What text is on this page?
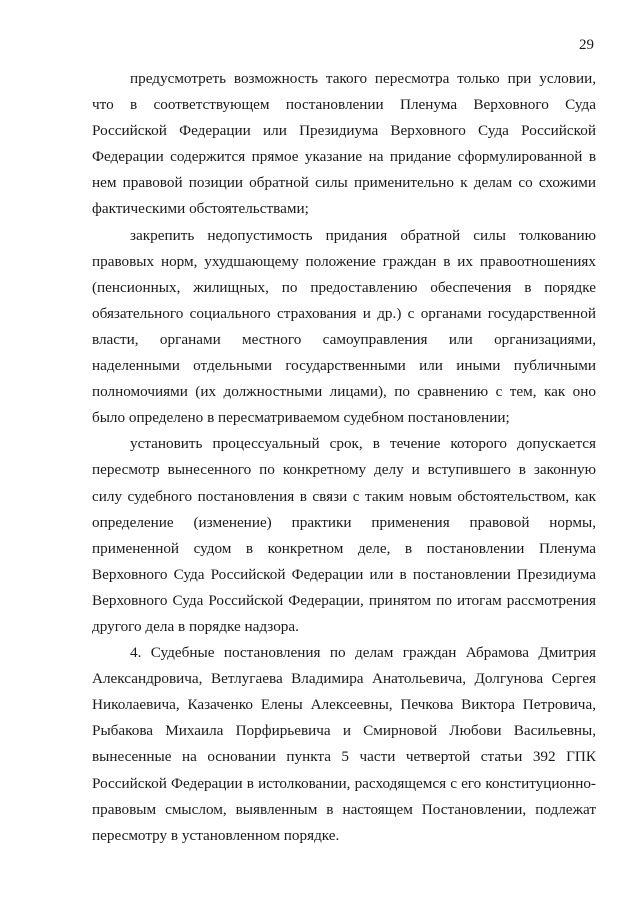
29

предусмотреть возможность такого пересмотра только при условии, что в соответствующем постановлении Пленума Верховного Суда Российской Федерации или Президиума Верховного Суда Российской Федерации содержится прямое указание на придание сформулированной в нем правовой позиции обратной силы применительно к делам со схожими фактическими обстоятельствами;

закрепить недопустимость придания обратной силы толкованию правовых норм, ухудшающему положение граждан в их правоотношениях (пенсионных, жилищных, по предоставлению обеспечения в порядке обязательного социального страхования и др.) с органами государственной власти, органами местного самоуправления или организациями, наделенными отдельными государственными или иными публичными полномочиями (их должностными лицами), по сравнению с тем, как оно было определено в пересматриваемом судебном постановлении;

установить процессуальный срок, в течение которого допускается пересмотр вынесенного по конкретному делу и вступившего в законную силу судебного постановления в связи с таким новым обстоятельством, как определение (изменение) практики применения правовой нормы, примененной судом в конкретном деле, в постановлении Пленума Верховного Суда Российской Федерации или в постановлении Президиума Верховного Суда Российской Федерации, принятом по итогам рассмотрения другого дела в порядке надзора.

4. Судебные постановления по делам граждан Абрамова Дмитрия Александровича, Ветлугаева Владимира Анатольевича, Долгунова Сергея Николаевича, Казаченко Елены Алексеевны, Печкова Виктора Петровича, Рыбакова Михаила Порфирьевича и Смирновой Любови Васильевны, вынесенные на основании пункта 5 части четвертой статьи 392 ГПК Российской Федерации в истолковании, расходящемся с его конституционно-правовым смыслом, выявленным в настоящем Постановлении, подлежат пересмотру в установленном порядке.
